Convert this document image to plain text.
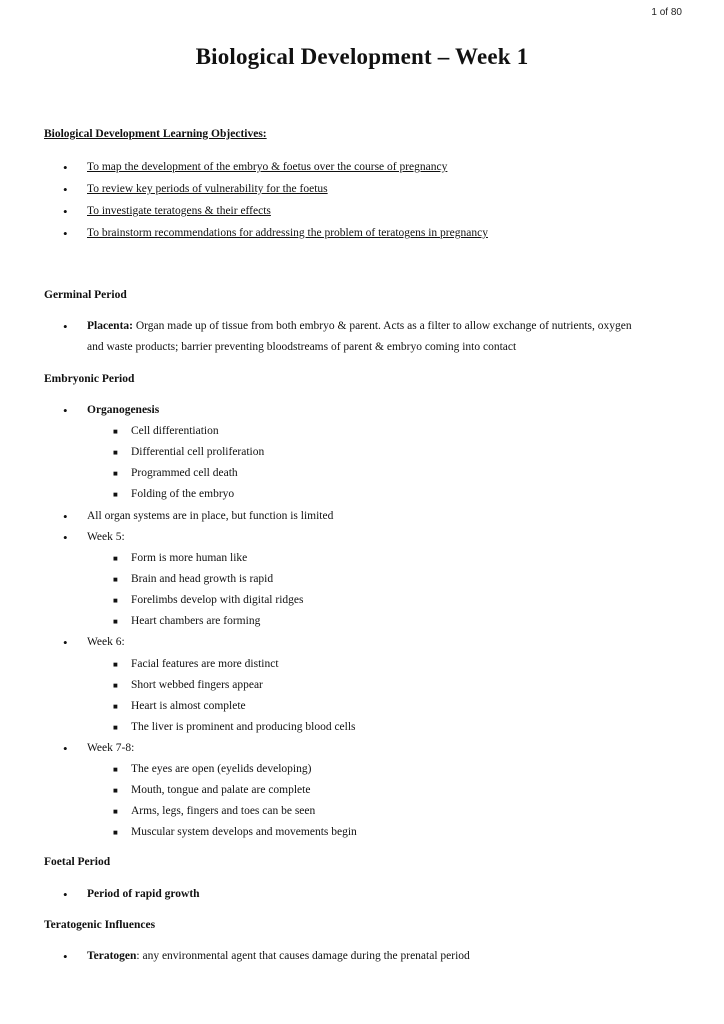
1 of 80
Biological Development – Week 1
Biological Development Learning Objectives:
• To map the development of the embryo & foetus over the course of pregnancy
• To review key periods of vulnerability for the foetus
• To investigate teratogens & their effects
• To brainstorm recommendations for addressing the problem of teratogens in pregnancy
Germinal Period
• Placenta: Organ made up of tissue from both embryo & parent. Acts as a filter to allow exchange of nutrients, oxygen
and waste products; barrier preventing bloodstreams of parent & embryo coming into contact
Embryonic Period
• Organogenesis
■ Cell differentiation
■ Differential cell proliferation
■ Programmed cell death
■ Folding of the embryo
• All organ systems are in place, but function is limited
• Week 5:
■ Form is more human like
■ Brain and head growth is rapid
■ Forelimbs develop with digital ridges
■ Heart chambers are forming
• Week 6:
■ Facial features are more distinct
■ Short webbed fingers appear
■ Heart is almost complete
■ The liver is prominent and producing blood cells
• Week 7-8:
■ The eyes are open (eyelids developing)
■ Mouth, tongue and palate are complete
■ Arms, legs, fingers and toes can be seen
■ Muscular system develops and movements begin
Foetal Period
• Period of rapid growth
Teratogenic Influences
• Teratogen: any environmental agent that causes damage during the prenatal period
